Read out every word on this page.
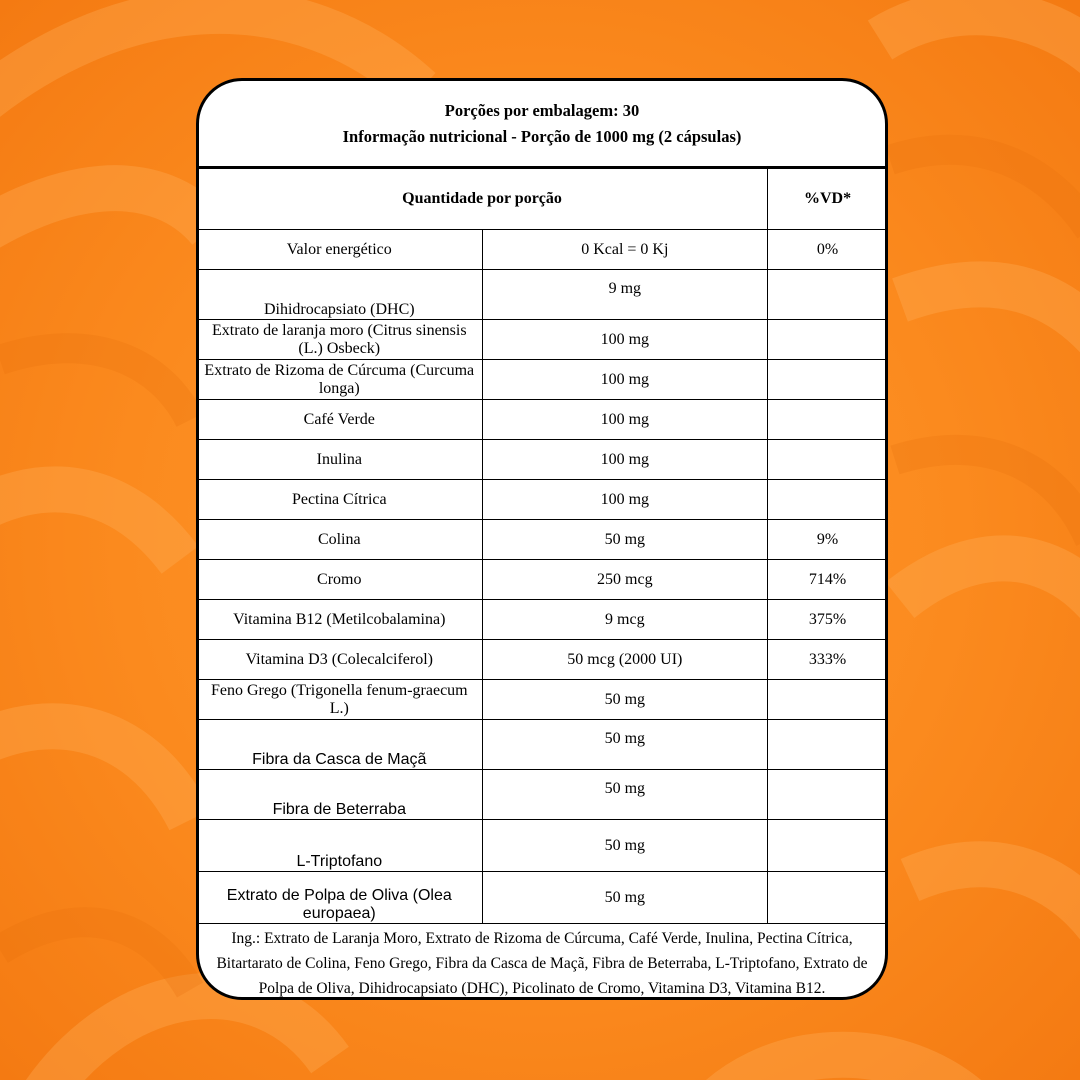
Porções por embalagem: 30
Informação nutricional - Porção de 1000 mg (2 cápsulas)
Quantidade por porção		%VD*
Valor energético	0 Kcal = 0 Kj	0%
Dihidrocapsiato (DHC)	9 mg	
Extrato de laranja moro (Citrus sinensis (L.) Osbeck)	100 mg	
Extrato de Rizoma de Cúrcuma (Curcuma longa)	100 mg	
Café Verde	100 mg	
Inulina	100 mg	
Pectina Cítrica	100 mg	
Colina	50 mg	9%
Cromo	250 mcg	714%
Vitamina B12 (Metilcobalamina)	9 mcg	375%
Vitamina D3 (Colecalciferol)	50 mcg (2000 UI)	333%
Feno Grego (Trigonella fenum-graecum L.)	50 mg	
Fibra da Casca de Maçã	50 mg	
Fibra de Beterraba	50 mg	
L-Triptofano	50 mg	
Extrato de Polpa de Oliva (Olea europaea)	50 mg	
Ing.: Extrato de Laranja Moro, Extrato de Rizoma de Cúrcuma, Café Verde, Inulina, Pectina Cítrica, Bitartarato de Colina, Feno Grego, Fibra da Casca de Maçã, Fibra de Beterraba, L-Triptofano, Extrato de Polpa de Oliva, Dihidrocapsiato (DHC), Picolinato de Cromo, Vitamina D3, Vitamina B12.
